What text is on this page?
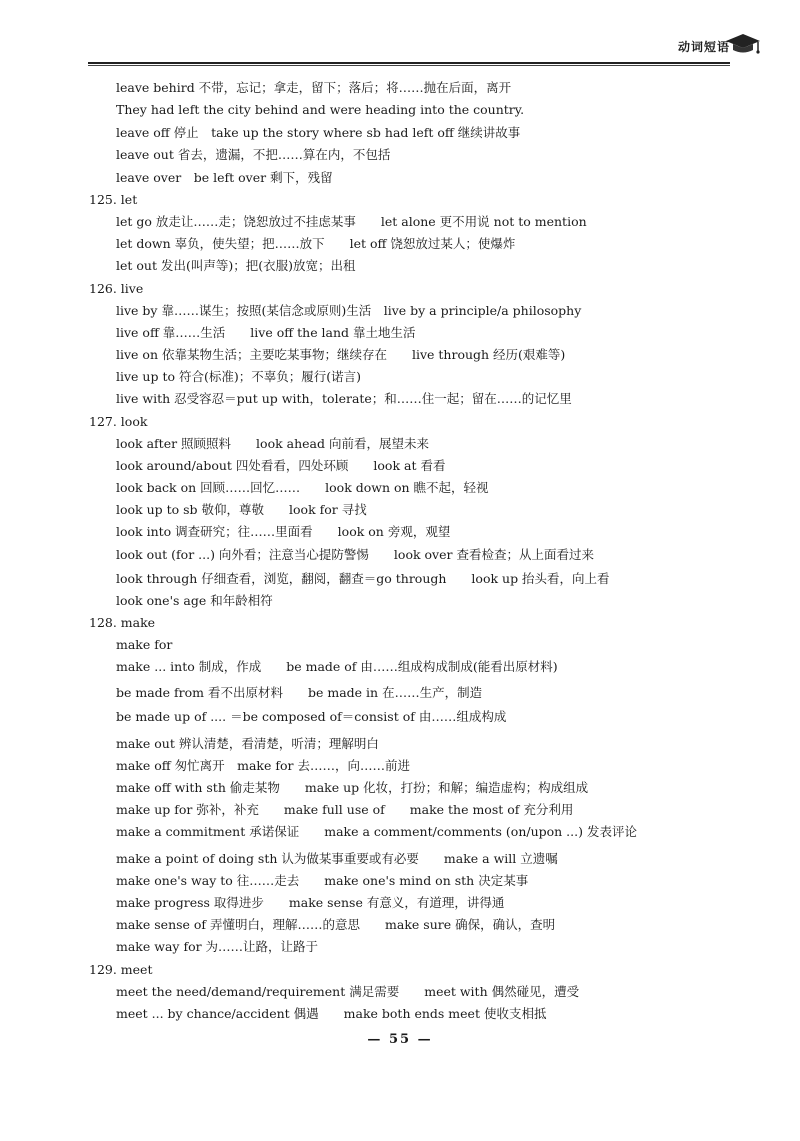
动词短语
leave behird 不带，忘记；拿走，留下；落后；将……抛在后面，离开
They had left the city behind and were heading into the country.
leave off 停止　take up the story where sb had left off 继续讲故事
leave out 省去，遗漏，不把……算在内，不包括
leave over　be left over 剩下，残留
125. let
let go 放走让……走；饶恕放过不挂虑某事　　let alone 更不用说 not to mention
let down 辜负，使失望；把……放下　　let off 饶恕放过某人；使爆炸
let out 发出(叫声等)；把(衣服)放宽；出租
126. live
live by 靠……谋生；按照(某信念或原则)生活　live by a principle/a philosophy
live off 靠……生活　　live off the land 靠土地生活
live on 依靠某物生活；主要吃某事物；继续存在　　live through 经历(艰难等)
live up to 符合(标准)；不辜负；履行(诺言)
live with 忍受容忍＝put up with，tolerate；和……住一起；留在……的记忆里
127. look
look after 照顾照料　　look ahead 向前看，展望未来
look around/about 四处看看，四处环顾　　look at 看看
look back on 回顾……回忆……　　look down on 瞧不起，轻视
look up to sb 敬仰，尊敬　　look for 寻找
look into 调查研究；往……里面看　　look on 旁观，观望
look out (for ...) 向外看；注意当心提防警惕　　look over 查看检查；从上面看过来
look through 仔细查看，浏览，翻阅，翻查＝go through　　look up 抬头看，向上看
look one's age 和年龄相符
128. make
make for
make ... into 制成，作成　　be made of 由……组成构成制成(能看出原材料)
be made from 看不出原材料　　be made in 在……生产，制造
be made up of .... ＝be composed of＝consist of 由……组成构成
make out 辨认清楚，看清楚，听清；理解明白
make off 匆忙离开　make for 去……，向……前进
make off with sth 偷走某物　　make up 化妆，打扮；和解；编造虚构；构成组成
make up for 弥补，补充　　make full use of　　make the most of 充分利用
make a commitment 承诺保证　　make a comment/comments (on/upon ...) 发表评论
make a point of doing sth 认为做某事重要或有必要　　make a will 立遗嘱
make one's way to 往……走去　　make one's mind on sth 决定某事
make progress 取得进步　　make sense 有意义，有道理，讲得通
make sense of 弄懂明白，理解……的意思　　make sure 确保，确认，查明
make way for 为……让路，让路于
129. meet
meet the need/demand/requirement 满足需要　　meet with 偶然碰见，遭受
meet ... by chance/accident 偶遇　　make both ends meet 使收支相抵
— 55 —
